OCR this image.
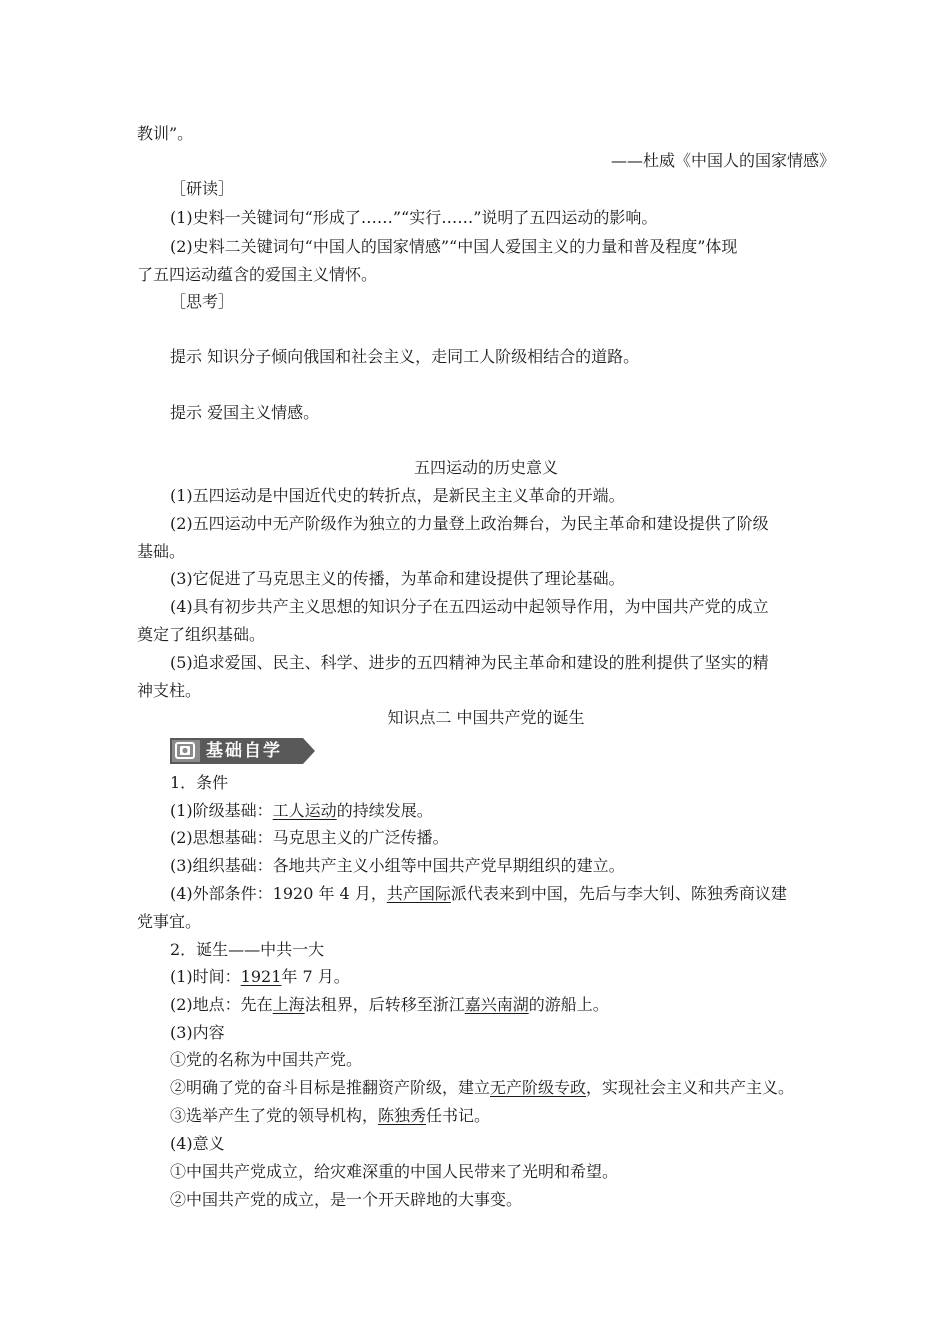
教训”。
——杜威《中国人的国家情感》
［研读］
(1)史料一关键词句“形成了……”“实行……”说明了五四运动的影响。
(2)史料二关键词句“中国人的国家情感”“中国人爱国主义的力量和普及程度”体现
了五四运动蕴含的爱国主义情怀。
［思考］
提示 知识分子倾向俄国和社会主义，走同工人阶级相结合的道路。
提示 爱国主义情感。
五四运动的历史意义
(1)五四运动是中国近代史的转折点，是新民主主义革命的开端。
(2)五四运动中无产阶级作为独立的力量登上政治舞台，为民主革命和建设提供了阶级
基础。
(3)它促进了马克思主义的传播，为革命和建设提供了理论基础。
(4)具有初步共产主义思想的知识分子在五四运动中起领导作用，为中国共产党的成立
奠定了组织基础。
(5)追求爱国、民主、科学、进步的五四精神为民主革命和建设的胜利提供了坚实的精
神支柱。
知识点二 中国共产党的诞生
基础自学
1．条件
(1)阶级基础：工人运动的持续发展。
(2)思想基础：马克思主义的广泛传播。
(3)组织基础：各地共产主义小组等中国共产党早期组织的建立。
(4)外部条件：1920 年 4 月，共产国际派代表来到中国，先后与李大钊、陈独秀商议建
党事宜。
2．诞生——中共一大
(1)时间：1921年 7 月。
(2)地点：先在上海法租界，后转移至浙江嘉兴南湖的游船上。
(3)内容
①党的名称为中国共产党。
②明确了党的奋斗目标是推翻资产阶级，建立无产阶级专政，实现社会主义和共产主义。
③选举产生了党的领导机构，陈独秀任书记。
(4)意义
①中国共产党成立，给灾难深重的中国人民带来了光明和希望。
②中国共产党的成立，是一个开天辟地的大事变。
